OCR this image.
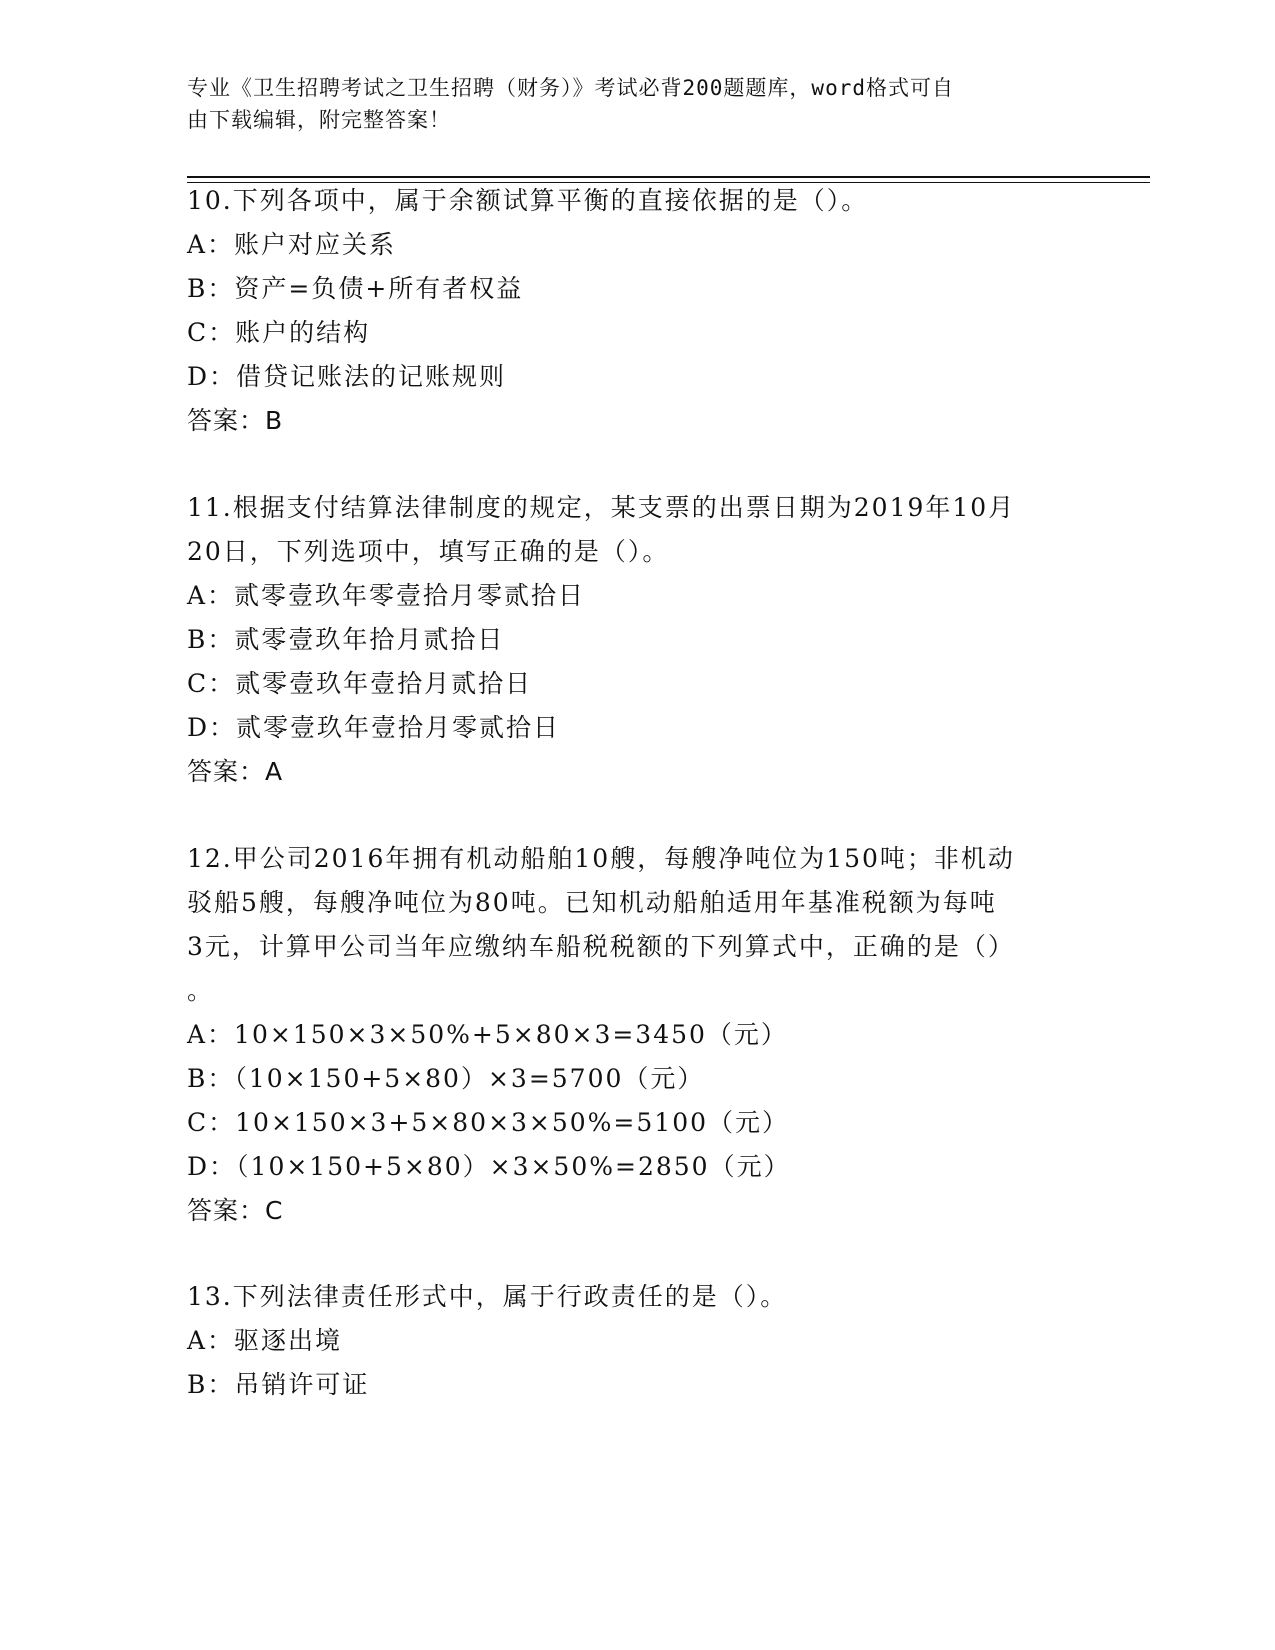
专业《卫生招聘考试之卫生招聘（财务）》考试必背200题题库，word格式可自
由下载编辑，附完整答案！
10.下列各项中，属于余额试算平衡的直接依据的是（）。
A：账户对应关系
B：资产=负债+所有者权益
C：账户的结构
D：借贷记账法的记账规则
答案：B
11.根据支付结算法律制度的规定，某支票的出票日期为2019年10月
20日，下列选项中，填写正确的是（）。
A：贰零壹玖年零壹拾月零贰拾日
B：贰零壹玖年拾月贰拾日
C：贰零壹玖年壹拾月贰拾日
D：贰零壹玖年壹拾月零贰拾日
答案：A
12.甲公司2016年拥有机动船舶10艘，每艘净吨位为150吨；非机动
驳船5艘，每艘净吨位为80吨。已知机动船舶适用年基准税额为每吨
3元，计算甲公司当年应缴纳车船税税额的下列算式中，正确的是（）
。
A：10×150×3×50%+5×80×3=3450（元）
B：（10×150+5×80）×3=5700（元）
C：10×150×3+5×80×3×50%=5100（元）
D：（10×150+5×80）×3×50%=2850（元）
答案：C
13.下列法律责任形式中，属于行政责任的是（）。
A：驱逐出境
B：吊销许可证
